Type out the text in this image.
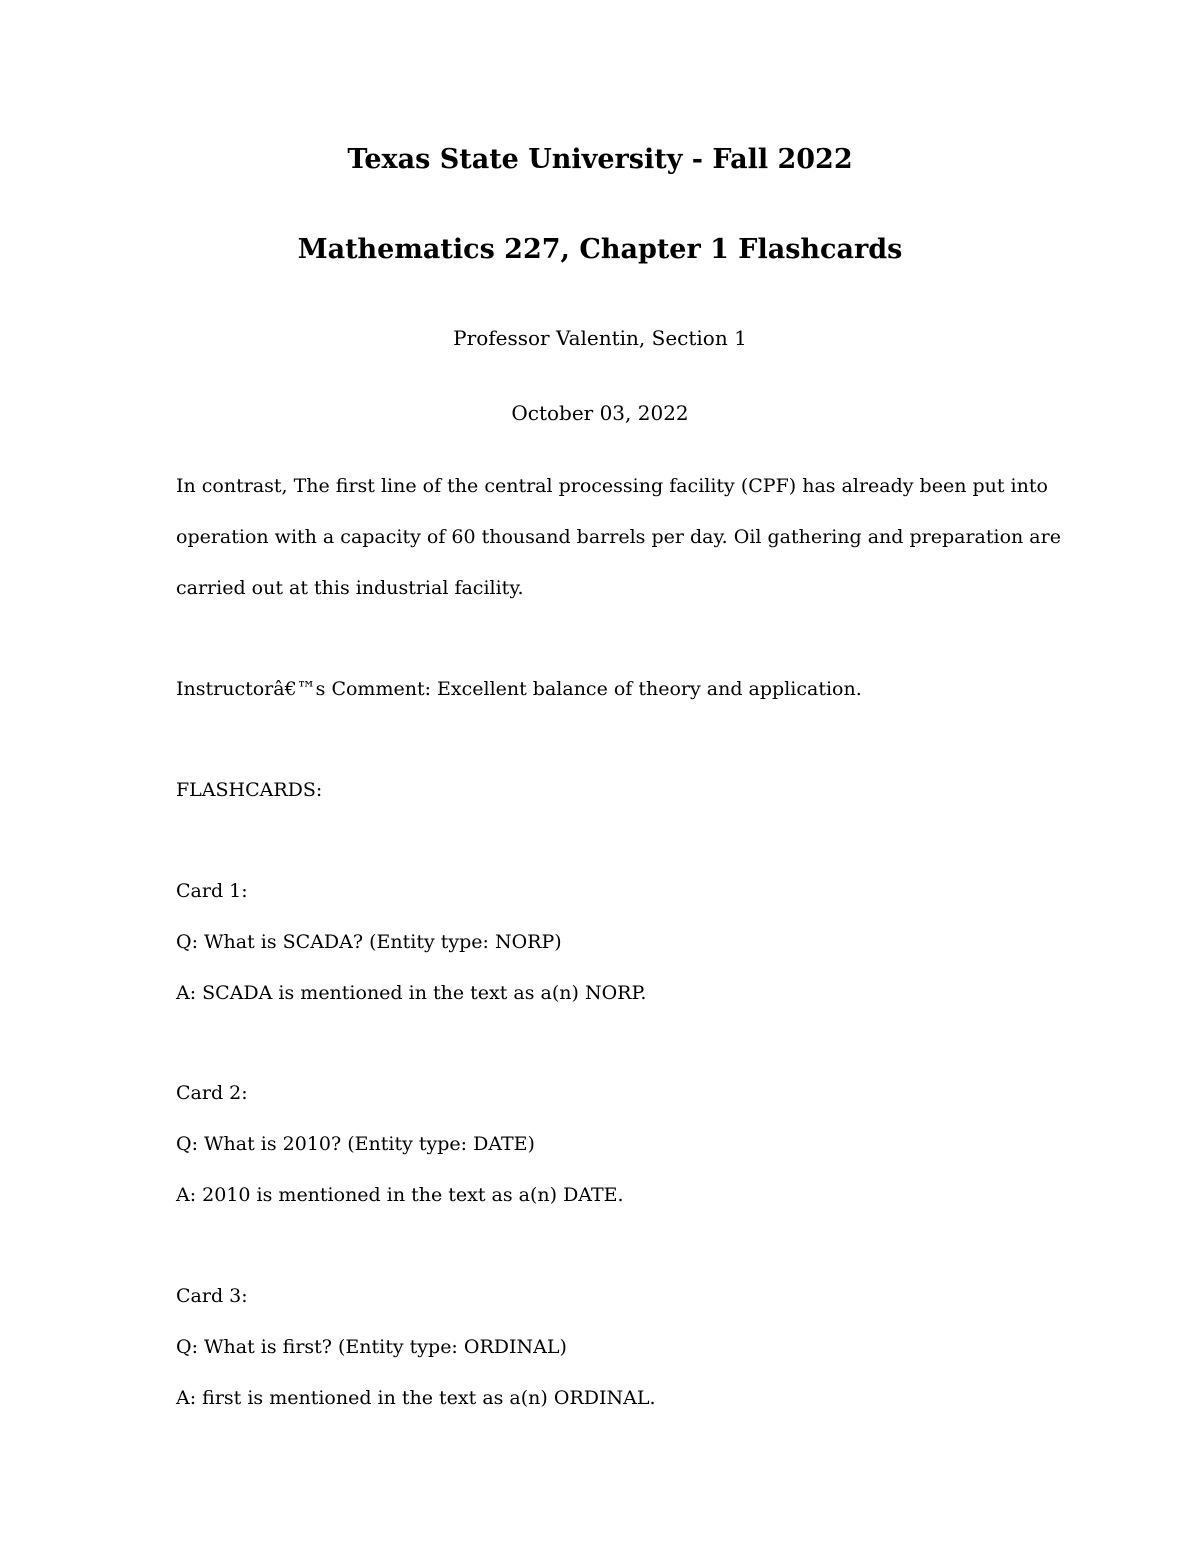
Texas State University - Fall 2022
Mathematics 227, Chapter 1 Flashcards

Professor Valentin, Section 1

October 03, 2022

In contrast, The first line of the central processing facility (CPF) has already been put into

operation with a capacity of 60 thousand barrels per day. Oil gathering and preparation are

carried out at this industrial facility.

Instructorâ€™s Comment: Excellent balance of theory and application.

FLASHCARDS:

Card 1:

Q: What is SCADA? (Entity type: NORP)

A: SCADA is mentioned in the text as a(n) NORP.

Card 2:

Q: What is 2010? (Entity type: DATE)

A: 2010 is mentioned in the text as a(n) DATE.

Card 3:

Q: What is first? (Entity type: ORDINAL)

A: first is mentioned in the text as a(n) ORDINAL.
